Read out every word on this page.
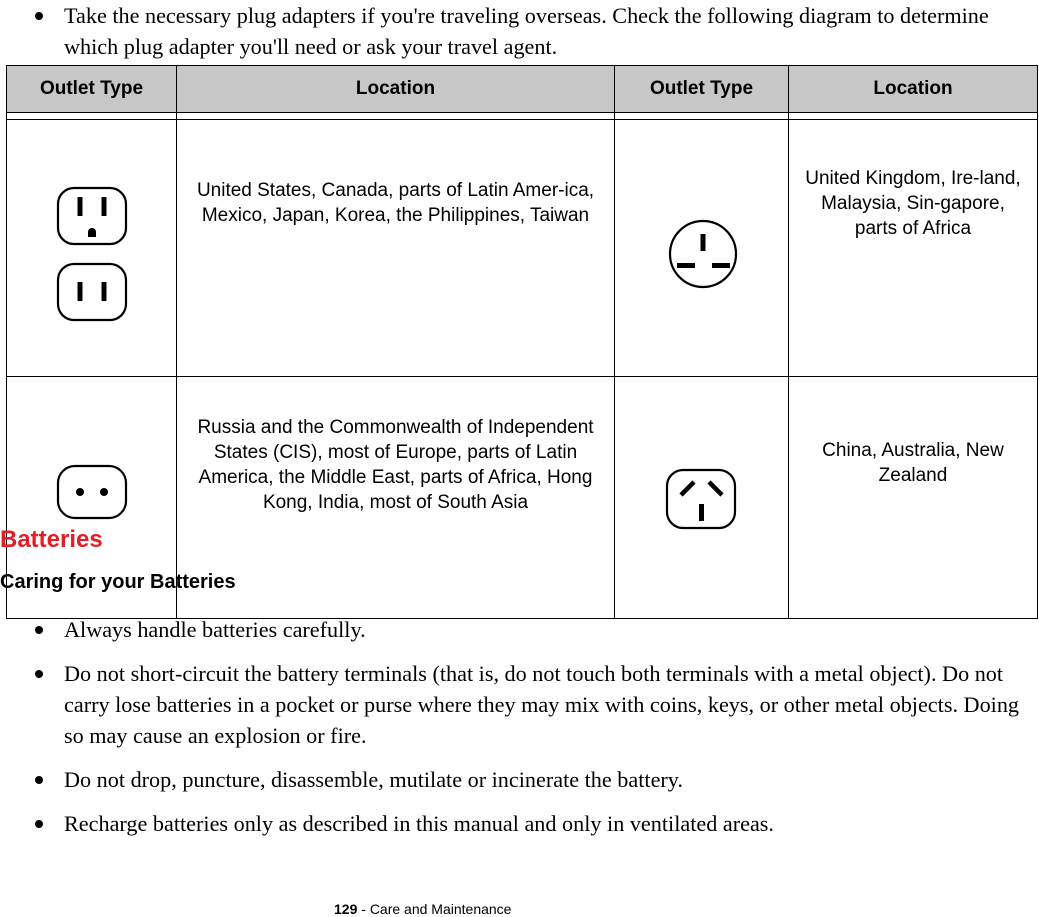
Take the necessary plug adapters if you're traveling overseas. Check the following diagram to determine which plug adapter you'll need or ask your travel agent.
Outlet Type	Location	Outlet Type	Location

	United States, Canada, parts of Latin Amer-ica, Mexico, Japan, Korea, the Philippines, Taiwan		United Kingdom, Ire-land, Malaysia, Sin-gapore, parts of Africa
	Russia and the Commonwealth of Independent States (CIS), most of Europe, parts of Latin America, the Middle East, parts of Africa, Hong Kong, India, most of South Asia		China, Australia, New Zealand
Batteries
Caring for your Batteries
Always handle batteries carefully.
Do not short-circuit the battery terminals (that is, do not touch both terminals with a metal object). Do not carry lose batteries in a pocket or purse where they may mix with coins, keys, or other metal objects. Doing so may cause an explosion or fire.
Do not drop, puncture, disassemble, mutilate or incinerate the battery.
Recharge batteries only as described in this manual and only in ventilated areas.
129 - Care and Maintenance
